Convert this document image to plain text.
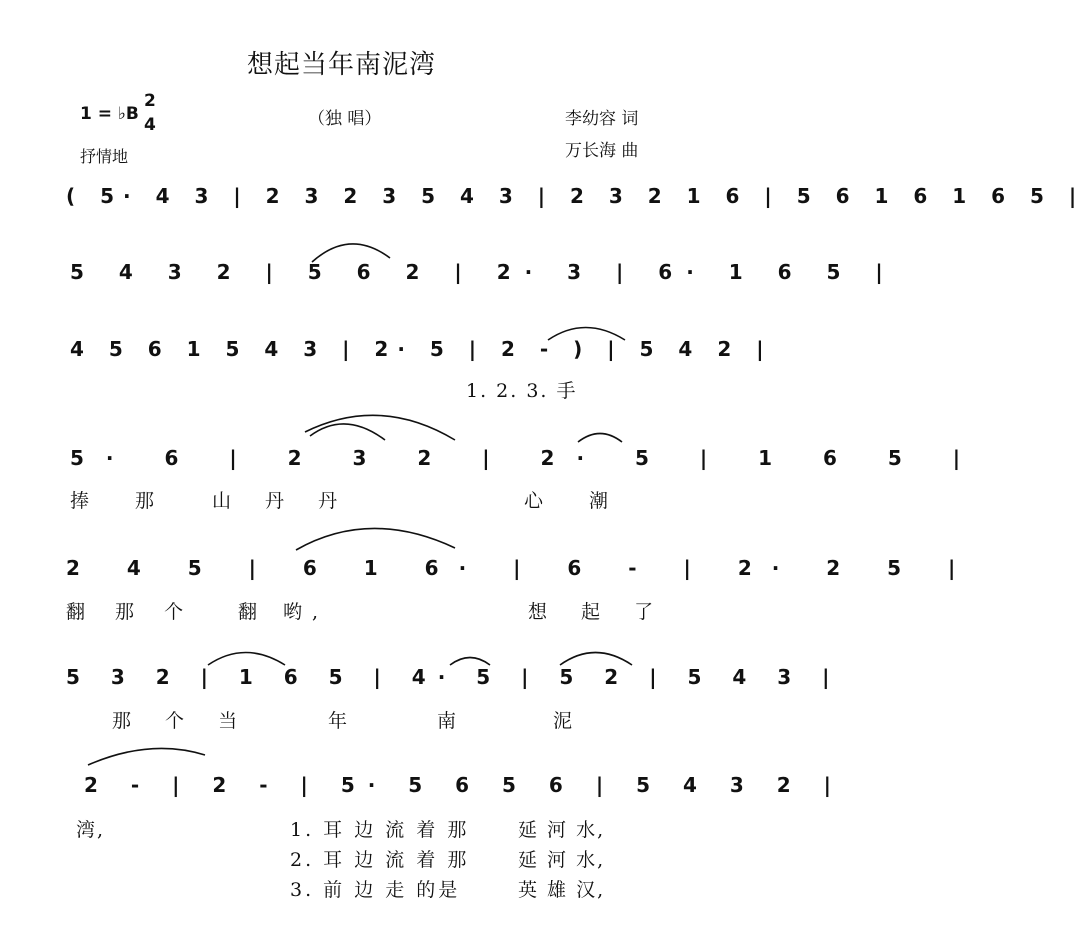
想起当年南泥湾
1 = ♭B
2
4	（独 唱）	李幼容 词
万长海 曲
抒情地
( 5· 4 3 | 2 3 2 3 5 4 3 | 2 3 2 1 6 | 5 6 1 6 1 6 5 |
5 4 3 2 | 5 6 2 | 2· 3 | 6· 1 6 5 |
4 5 6 1 5 4 3 | 2· 5 | 2 - ) | 5 4 2 |
1. 2. 3. 手
5· 6 | 2 3 2 | 2· 5 | 1 6 5 |
捧 那 山 丹 丹	心 潮
2 4 5 | 6 1 6· | 6 - | 2· 2 5 |
翻 那 个 翻 哟,	想 起 了
5 3 2 | 1 6 5 | 4· 5 | 5 2 | 5 4 3 |
那 个 当	年	南	泥
2 - | 2 - | 5· 5 6 5 6 | 5 4 3 2 |
湾,	1. 耳 边 流 着 那	延 河 水,
2. 耳 边 流 着 那	延 河 水,
3. 前 边 走 的是	英 雄 汉,
